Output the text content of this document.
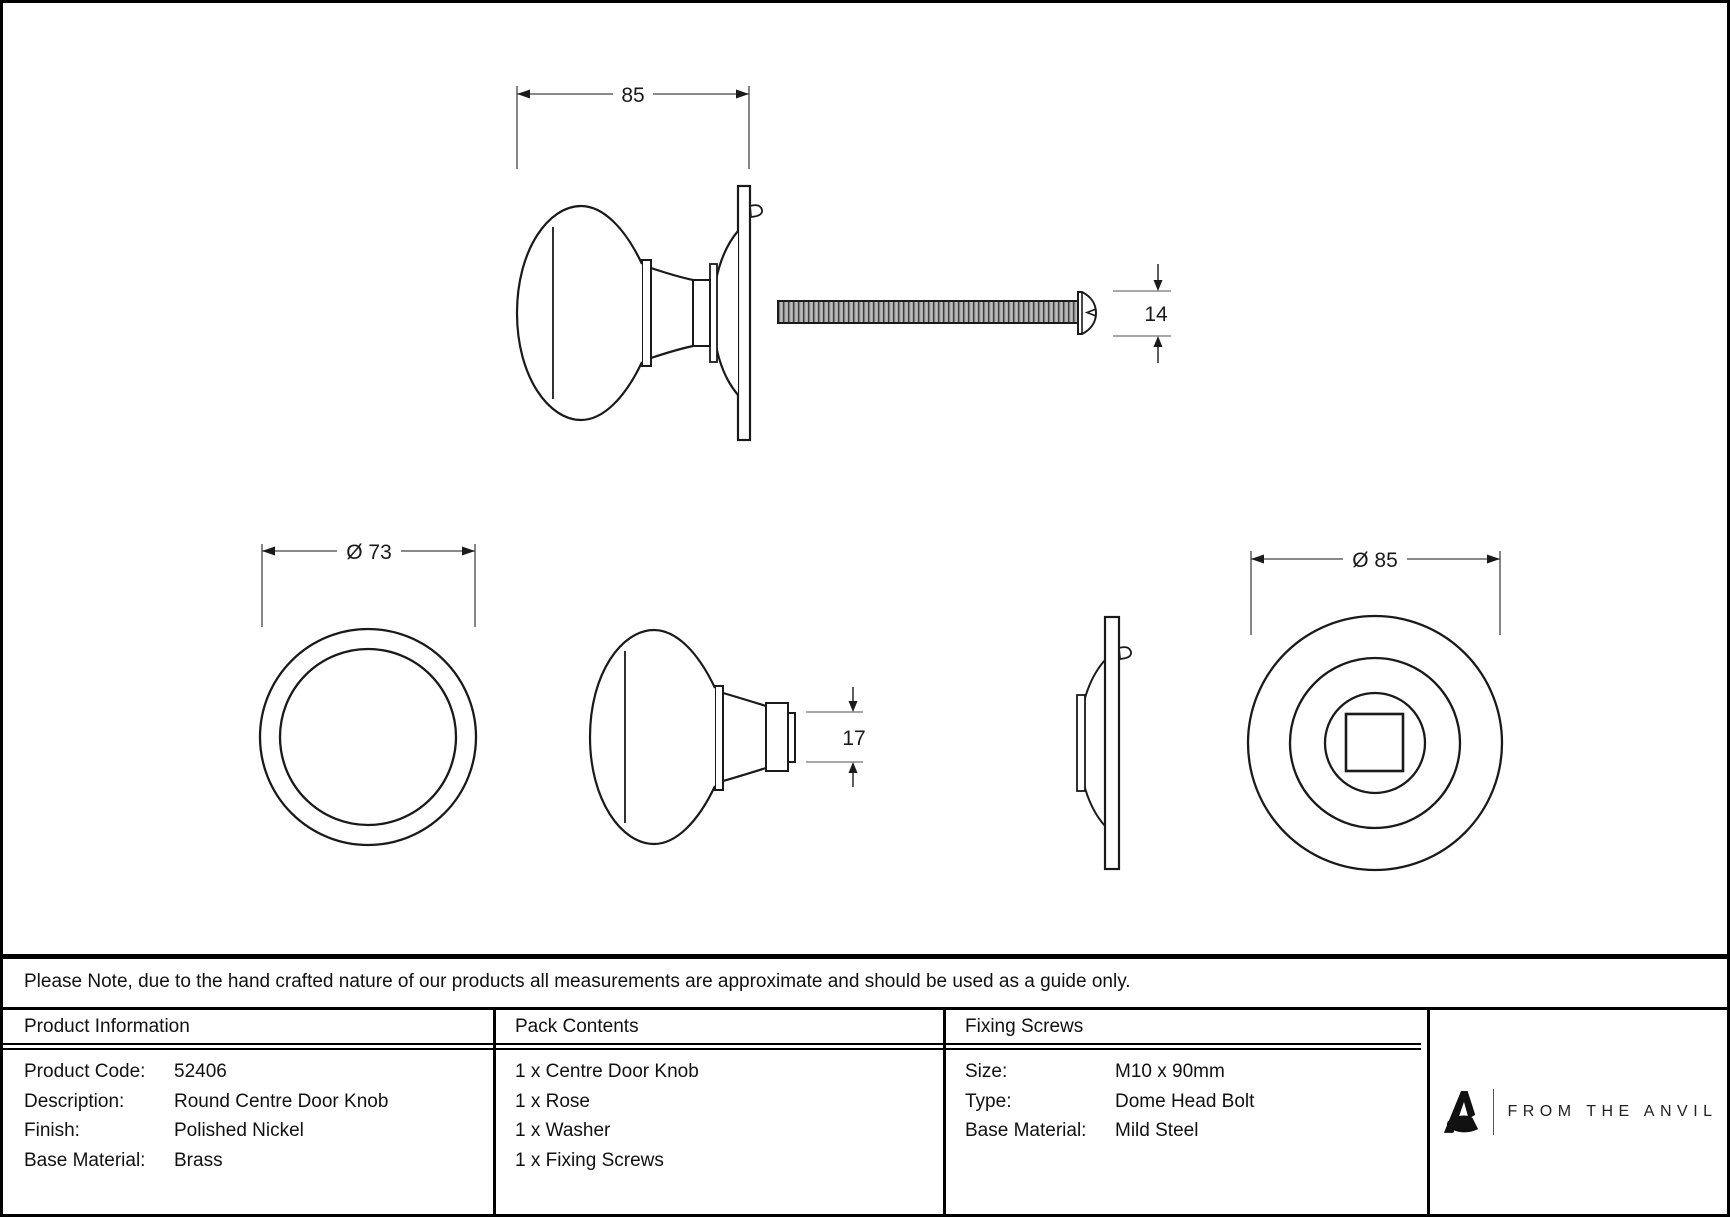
85
14
Ø 73
17
Ø 85
Please Note, due to the hand crafted nature of our products all measurements are approximate and should be used as a guide only.
Product Information	Pack Contents	Fixing Screws
Product Code: 52406
Description:	Round Centre Door Knob
Finish:	Polished Nickel
Base Material: Brass
1 x Centre Door Knob
1 x Rose
1 x Washer
1 x Fixing Screws
Size:	M10 x 90mm
Type:	Dome Head Bolt
Base Material: Mild Steel
FROM THE ANVIL
